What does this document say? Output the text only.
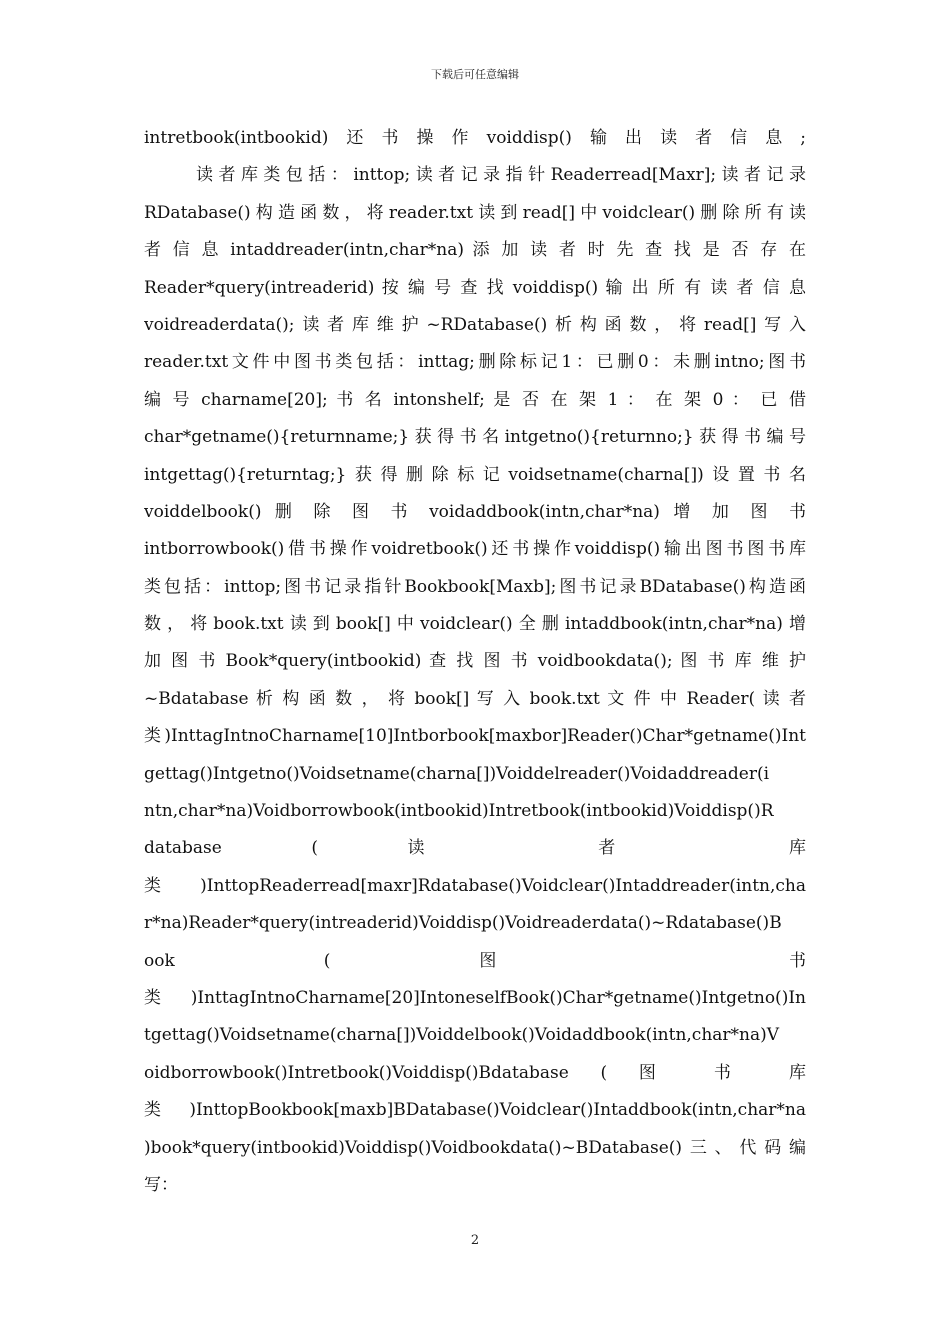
下载后可任意编辑
intretbook(intbookid)还书操作voiddisp()输出读者信息;
读者库类包括：inttop;读者记录指针Readerread[Maxr];读者记录
RDatabase()构造函数，将reader.txt读到read[]中voidclear()删除所有读
者 信 息 intaddreader(intn,char*na) 添 加 读 者 时 先 查 找 是 否 存 在
Reader*query(intreaderid) 按 编 号 查 找 voiddisp() 输 出 所 有 读 者 信 息
voidreaderdata();读者库维护~RDatabase()析构函数，将read[]写入
reader.txt文件中图书类包括：inttag;删除标记1：已删0：未删intno;图书
编 号 charname[20]; 书 名 intonshelf; 是 否 在 架 1 ： 在 架 0 ： 已 借
char*getname(){returnname;}获得书名intgetno(){returnno;}获得书编号
intgettag(){returntag;}获得删除标记voidsetname(charna[])设置书名
voiddelbook() 删 除 图 书 voidaddbook(intn,char*na) 增 加 图 书
intborrowbook()借书操作voidretbook()还书操作voiddisp()输出图书图书库
类包括：inttop;图书记录指针Bookbook[Maxb];图书记录BDatabase()构造函
数，将book.txt读到book[]中voidclear()全删intaddbook(intn,char*na)增
加 图 书 Book*query(intbookid) 查 找 图 书 voidbookdata(); 图 书 库 维 护
~Bdatabase 析 构 函 数 ， 将 book[] 写 入 book.txt 文 件 中 Reader( 读 者
类)InttagIntnoCharname[10]Intborbook[maxbor]Reader()Char*getname()Int
gettag()Intgetno()Voidsetname(charna[])Voiddelreader()Voidaddreader(i
ntn,char*na)Voidborrowbook(intbookid)Intretbook(intbookid)Voiddisp()R
database ( 读 者 库
类)InttopReaderread[maxr]Rdatabase()Voidclear()Intaddreader(intn,cha
r*na)Reader*query(intreaderid)Voiddisp()Voidreaderdata()~Rdatabase()B
ook ( 图 书
类)InttagIntnoCharname[20]IntoneselfBook()Char*getname()Intgetno()In
tgettag()Voidsetname(charna[])Voiddelbook()Voidaddbook(intn,char*na)V
oidborrowbook()Intretbook()Voiddisp()Bdatabase ( 图 书 库
类)InttopBookbook[maxb]BDatabase()Voidclear()Intaddbook(intn,char*na
)book*query(intbookid)Voiddisp()Voidbookdata()~BDatabase()三、代码编
写：
2
